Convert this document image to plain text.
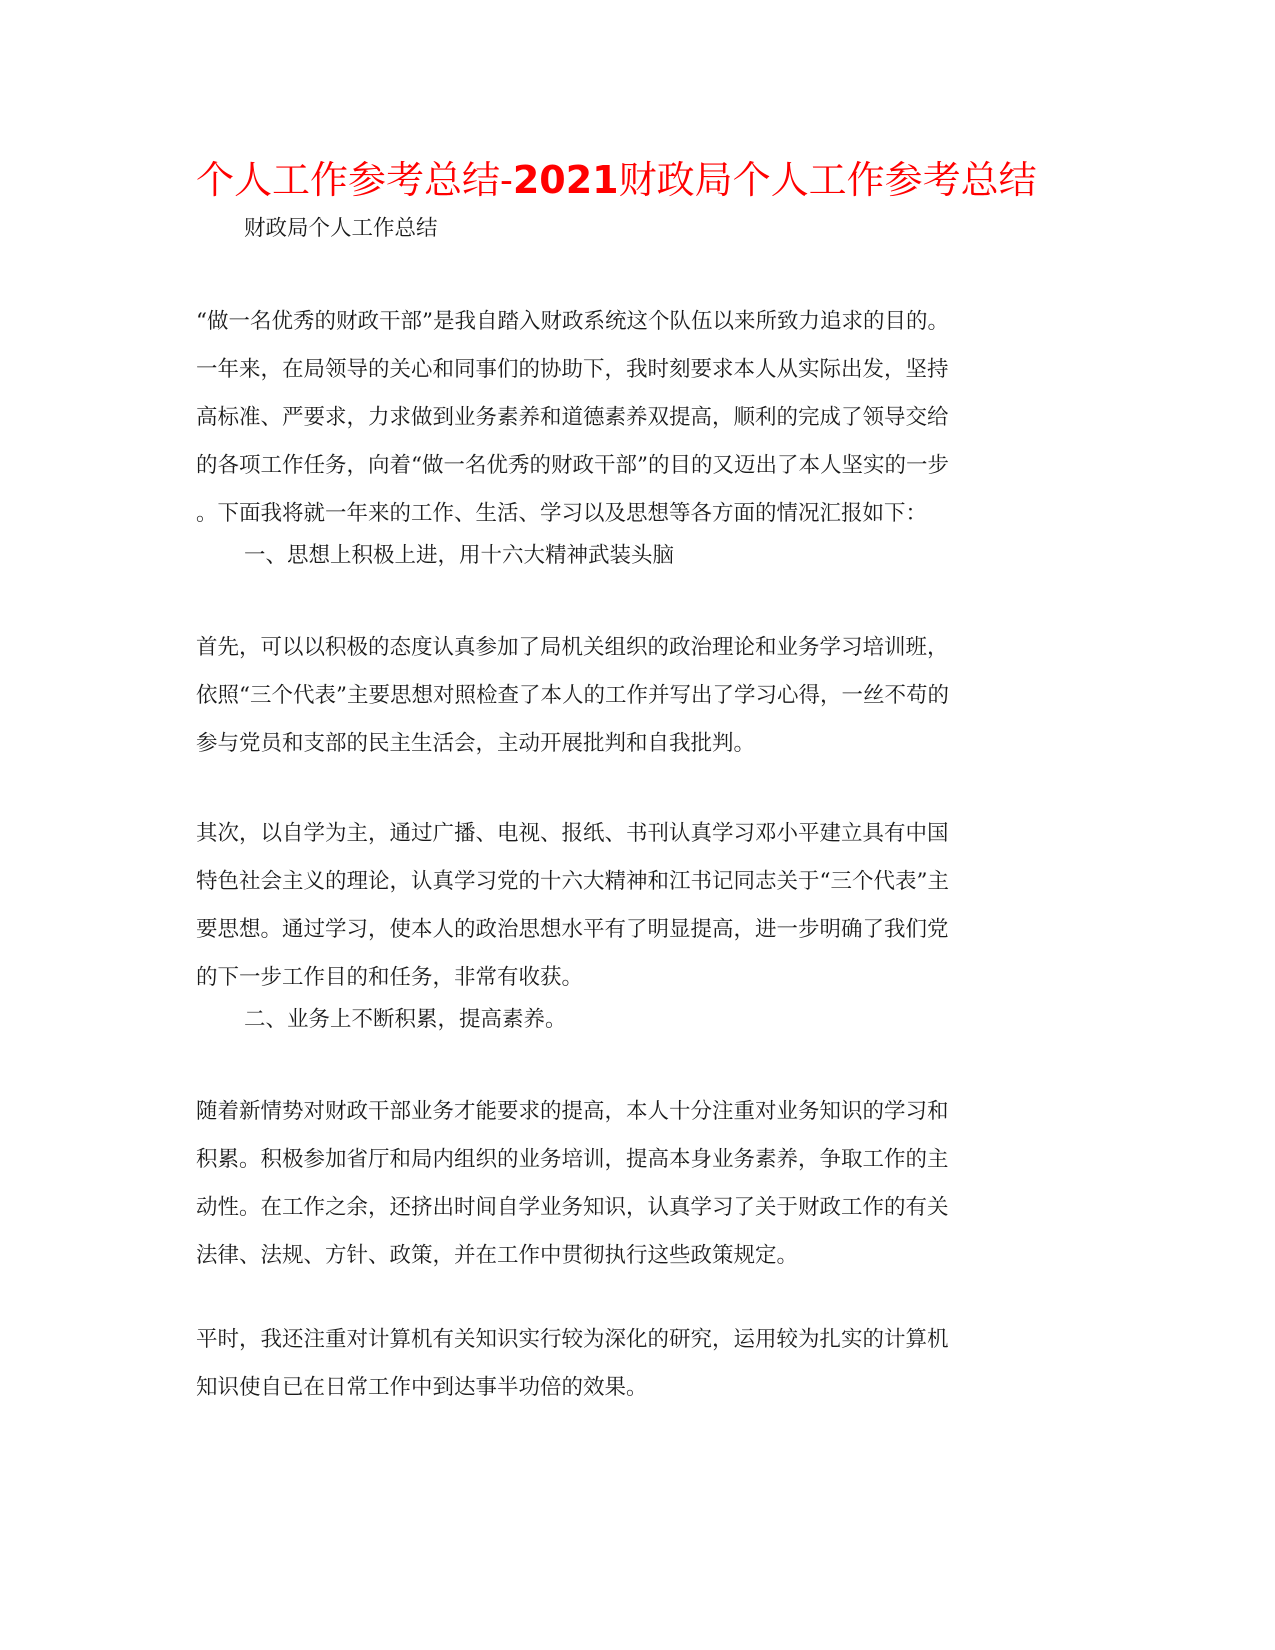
个人工作参考总结-2021财政局个人工作参考总结

财政局个人工作总结

“做一名优秀的财政干部”是我自踏入财政系统这个队伍以来所致力追求的目的。
一年来，在局领导的关心和同事们的协助下，我时刻要求本人从实际出发，坚持
高标准、严要求，力求做到业务素养和道德素养双提高，顺利的完成了领导交给
的各项工作任务，向着“做一名优秀的财政干部”的目的又迈出了本人坚实的一步
。下面我将就一年来的工作、生活、学习以及思想等各方面的情况汇报如下：

一、思想上积极上进，用十六大精神武装头脑

首先，可以以积极的态度认真参加了局机关组织的政治理论和业务学习培训班，
依照“三个代表”主要思想对照检查了本人的工作并写出了学习心得，一丝不苟的
参与党员和支部的民主生活会，主动开展批判和自我批判。
其次，以自学为主，通过广播、电视、报纸、书刊认真学习邓小平建立具有中国
特色社会主义的理论，认真学习党的十六大精神和江书记同志关于“三个代表”主
要思想。通过学习，使本人的政治思想水平有了明显提高，进一步明确了我们党
的下一步工作目的和任务，非常有收获。

二、业务上不断积累，提高素养。

随着新情势对财政干部业务才能要求的提高，本人十分注重对业务知识的学习和
积累。积极参加省厅和局内组织的业务培训，提高本身业务素养，争取工作的主
动性。在工作之余，还挤出时间自学业务知识，认真学习了关于财政工作的有关
法律、法规、方针、政策，并在工作中贯彻执行这些政策规定。
平时，我还注重对计算机有关知识实行较为深化的研究，运用较为扎实的计算机
知识使自已在日常工作中到达事半功倍的效果。
